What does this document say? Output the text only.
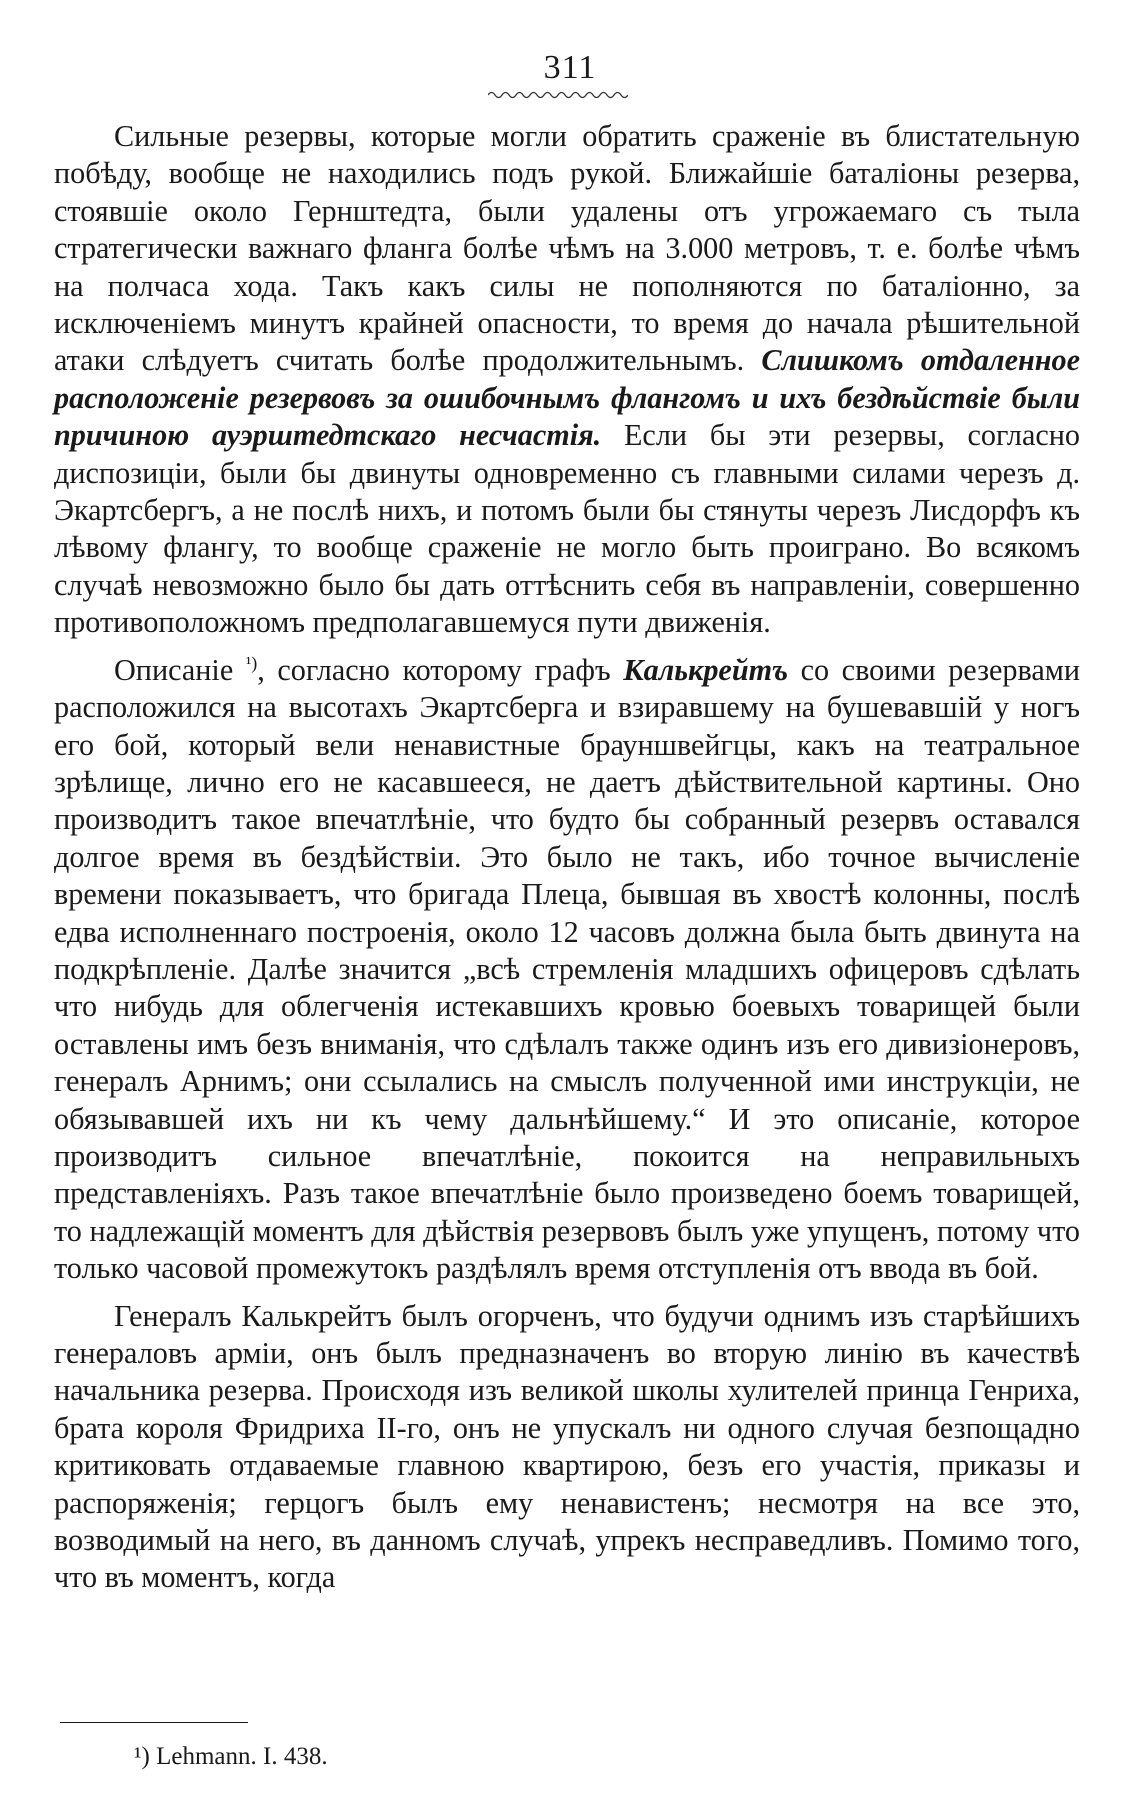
311

Сильные резервы, которые могли обратить сраженіе въ блистательную побѣду, вообще не находились подъ рукой. Ближайшіе баталіоны резерва, стоявшіе около Гернштедта, были удалены отъ угрожаемаго съ тыла стратегически важнаго фланга болѣе чѣмъ на 3.000 метровъ, т. е. болѣе чѣмъ на полчаса хода. Такъ какъ силы не пополняются по баталіонно, за исключеніемъ минутъ крайней опасности, то время до начала рѣшительной атаки слѣдуетъ считать болѣе продолжительнымъ. Слишкомъ отдаленное расположеніе резервовъ за ошибочнымъ флангомъ и ихъ бездѣйствіе были причиною ауэрштедтскаго несчастія. Если бы эти резервы, согласно диспозиціи, были бы двинуты одновременно съ главными силами черезъ д. Экартсбергъ, а не послѣ нихъ, и потомъ были бы стянуты черезъ Лисдорфъ къ лѣвому флангу, то вообще сраженіе не могло быть проиграно. Во всякомъ случаѣ невозможно было бы дать оттѣснить себя въ направленіи, совершенно противоположномъ предполагавшемуся пути движенія.

Описаніе $^{^1)}$, согласно которому графъ Калькрейтъ со своими резервами расположился на высотахъ Экартсберга и взиравшему на бушевавшій у ногъ его бой, который вели ненавистные брауншвейгцы, какъ на театральное зрѣлище, лично его не касавшееся, не даетъ дѣйствительной картины. Оно производитъ такое впечатлѣніе, что будто бы собранный резервъ оставался долгое время въ бездѣйствіи. Это было не такъ, ибо точное вычисленіе времени показываетъ, что бригада Плеца, бывшая въ хвостѣ колонны, послѣ едва исполненнаго построенія, около 12 часовъ должна была быть двинута на подкрѣпленіе. Далѣе значится „всѣ стремленія младшихъ офицеровъ сдѣлать что нибудь для облегченія истекавшихъ кровью боевыхъ товарищей были оставлены имъ безъ вниманія, что сдѣлалъ также одинъ изъ его дивизіонеровъ, генералъ Арнимъ; они ссылались на смыслъ полученной ими инструкціи, не обязывавшей ихъ ни къ чему дальнѣйшему.“ И это описаніе, которое производитъ сильное впечатлѣніе, покоится на неправильныхъ представленіяхъ. Разъ такое впечатлѣніе было произведено боемъ товарищей, то надлежащій моментъ для дѣйствія резервовъ былъ уже упущенъ, потому что только часовой промежутокъ раздѣлялъ время отступленія отъ ввода въ бой.

Генералъ Калькрейтъ былъ огорченъ, что будучи однимъ изъ старѣйшихъ генераловъ арміи, онъ былъ предназначенъ во вторую линію въ качествѣ начальника резерва. Происходя изъ великой школы хулителей принца Генриха, брата короля Фридриха II-го, онъ не упускалъ ни одного случая безпощадно критиковать отдаваемые главною квартирою, безъ его участія, приказы и распоряженія; герцогъ былъ ему ненавистенъ; несмотря на все это, возводимый на него, въ данномъ случаѣ, упрекъ несправедливъ. Помимо того, что въ моментъ, когда

¹) Lehmann. I. 438.
